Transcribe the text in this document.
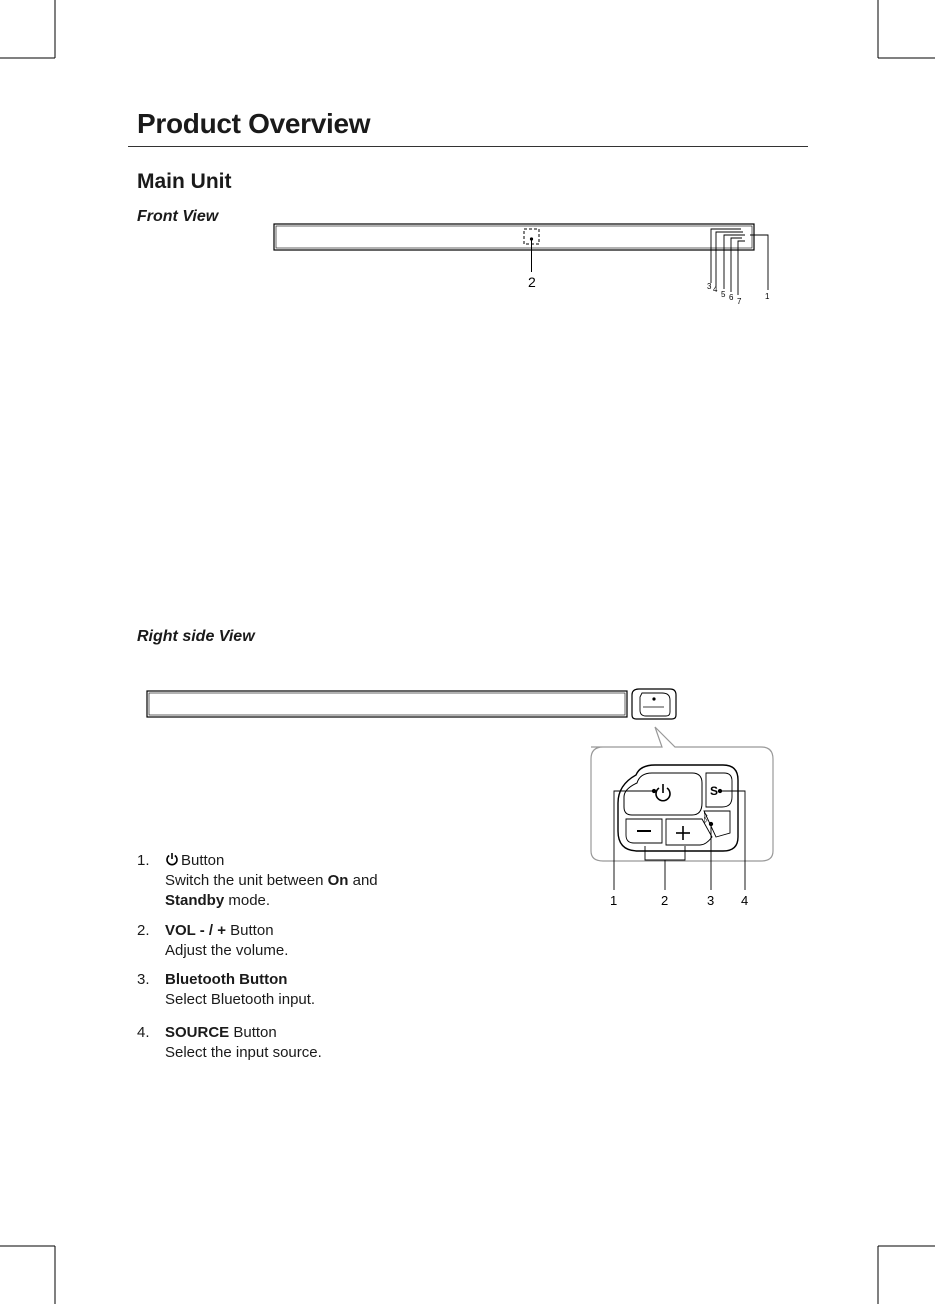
Product Overview
Main Unit
Front View
2	3 4
5 6 7
1
Right side View
S
ᛒ
1	2	3 4
1.	Button
Switch the unit between On and
Standby mode.
2. VOL - / + Button
Adjust the volume.
3. Bluetooth Button
Select Bluetooth input.
4. SOURCE Button
Select the input source.
